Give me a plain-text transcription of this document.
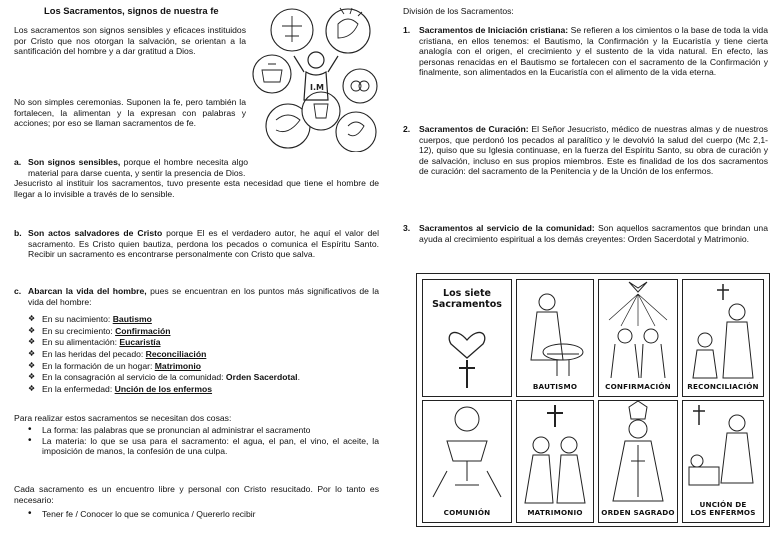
Los Sacramentos, signos de nuestra fe

Los sacramentos son signos sensibles y eficaces instituidos por Cristo que nos otorgan la salvación, se orientan a la santificación del hombre y a dar gratitud a Dios.

No son simples ceremonias. Suponen la fe, pero también la fortalecen, la alimentan y la expresan con palabras y acciones; por eso se llaman sacramentos de fe.

a. Son signos sensibles, porque el hombre necesita algo material para darse cuenta, y sentir la presencia de Dios.

Jesucristo al instituir los sacramentos, tuvo presente esta necesidad que tiene el hombre de llegar a lo invisible a través de lo sensible.

b. Son actos salvadores de Cristo porque El es el verdadero autor, he aquí el valor del sacramento. Es Cristo quien bautiza, perdona los pecados o comunica el Espíritu Santo. Recibir un sacramento es encontrarse personalmente con Cristo que salva.

c. Abarcan la vida del hombre, pues se encuentran en los puntos más significativos de la vida del hombre:

❖ En su nacimiento: Bautismo
❖ En su crecimiento: Confirmación
❖ En su alimentación: Eucaristía
❖ En las heridas del pecado: Reconciliación
❖ En la formación de un hogar: Matrimonio
❖ En la consagración al servicio de la comunidad: Orden Sacerdotal.
❖ En la enfermedad: Unción de los enfermos

Para realizar estos sacramentos se necesitan dos cosas:

• La forma: las palabras que se pronuncian al administrar el sacramento
• La materia: lo que se usa para el sacramento: el agua, el pan, el vino, el aceite, la imposición de manos, la confesión de una culpa.

Cada sacramento es un encuentro libre y personal con Cristo resucitado. Por lo tanto es necesario:

• Tener fe / Conocer lo que se comunica / Quererlo recibir
I.M

División de los Sacramentos:

1. Sacramentos de Iniciación cristiana: Se refieren a los cimientos o la base de toda la vida cristiana, en ellos tenemos: el Bautismo, la Confirmación y la Eucaristía y tiene cierta analogía con el origen, el crecimiento y el sustento de la vida natural. En efecto, las personas renacidas en el Bautismo se fortalecen con el sacramento de la Confirmación y finalmente, son alimentados en la Eucaristía con el alimento de la vida eterna.

2. Sacramentos de Curación: El Señor Jesucristo, médico de nuestras almas y de nuestros cuerpos, que perdonó los pecados al paralítico y le devolvió la salud del cuerpo (Mc 2,1-12), quiso que su Iglesia continuase, en la fuerza del Espíritu Santo, su obra de curación y de salvación, incluso en sus propios miembros. Este es finalidad de los dos sacramentos de curación: del sacramento de la Penitencia y de la Unción de los enfermos.

3. Sacramentos al servicio de la comunidad: Son aquellos sacramentos que brindan una ayuda al crecimiento espiritual a los demás creyentes: Orden Sacerdotal y Matrimonio.

Los siete
Sacramentos
BAUTISMO	CONFIRMACIÓN	RECONCILIACIÓN
COMUNIÓN	MATRIMONIO	ORDEN SAGRADO
UNCIÓN DE
LOS ENFERMOS
